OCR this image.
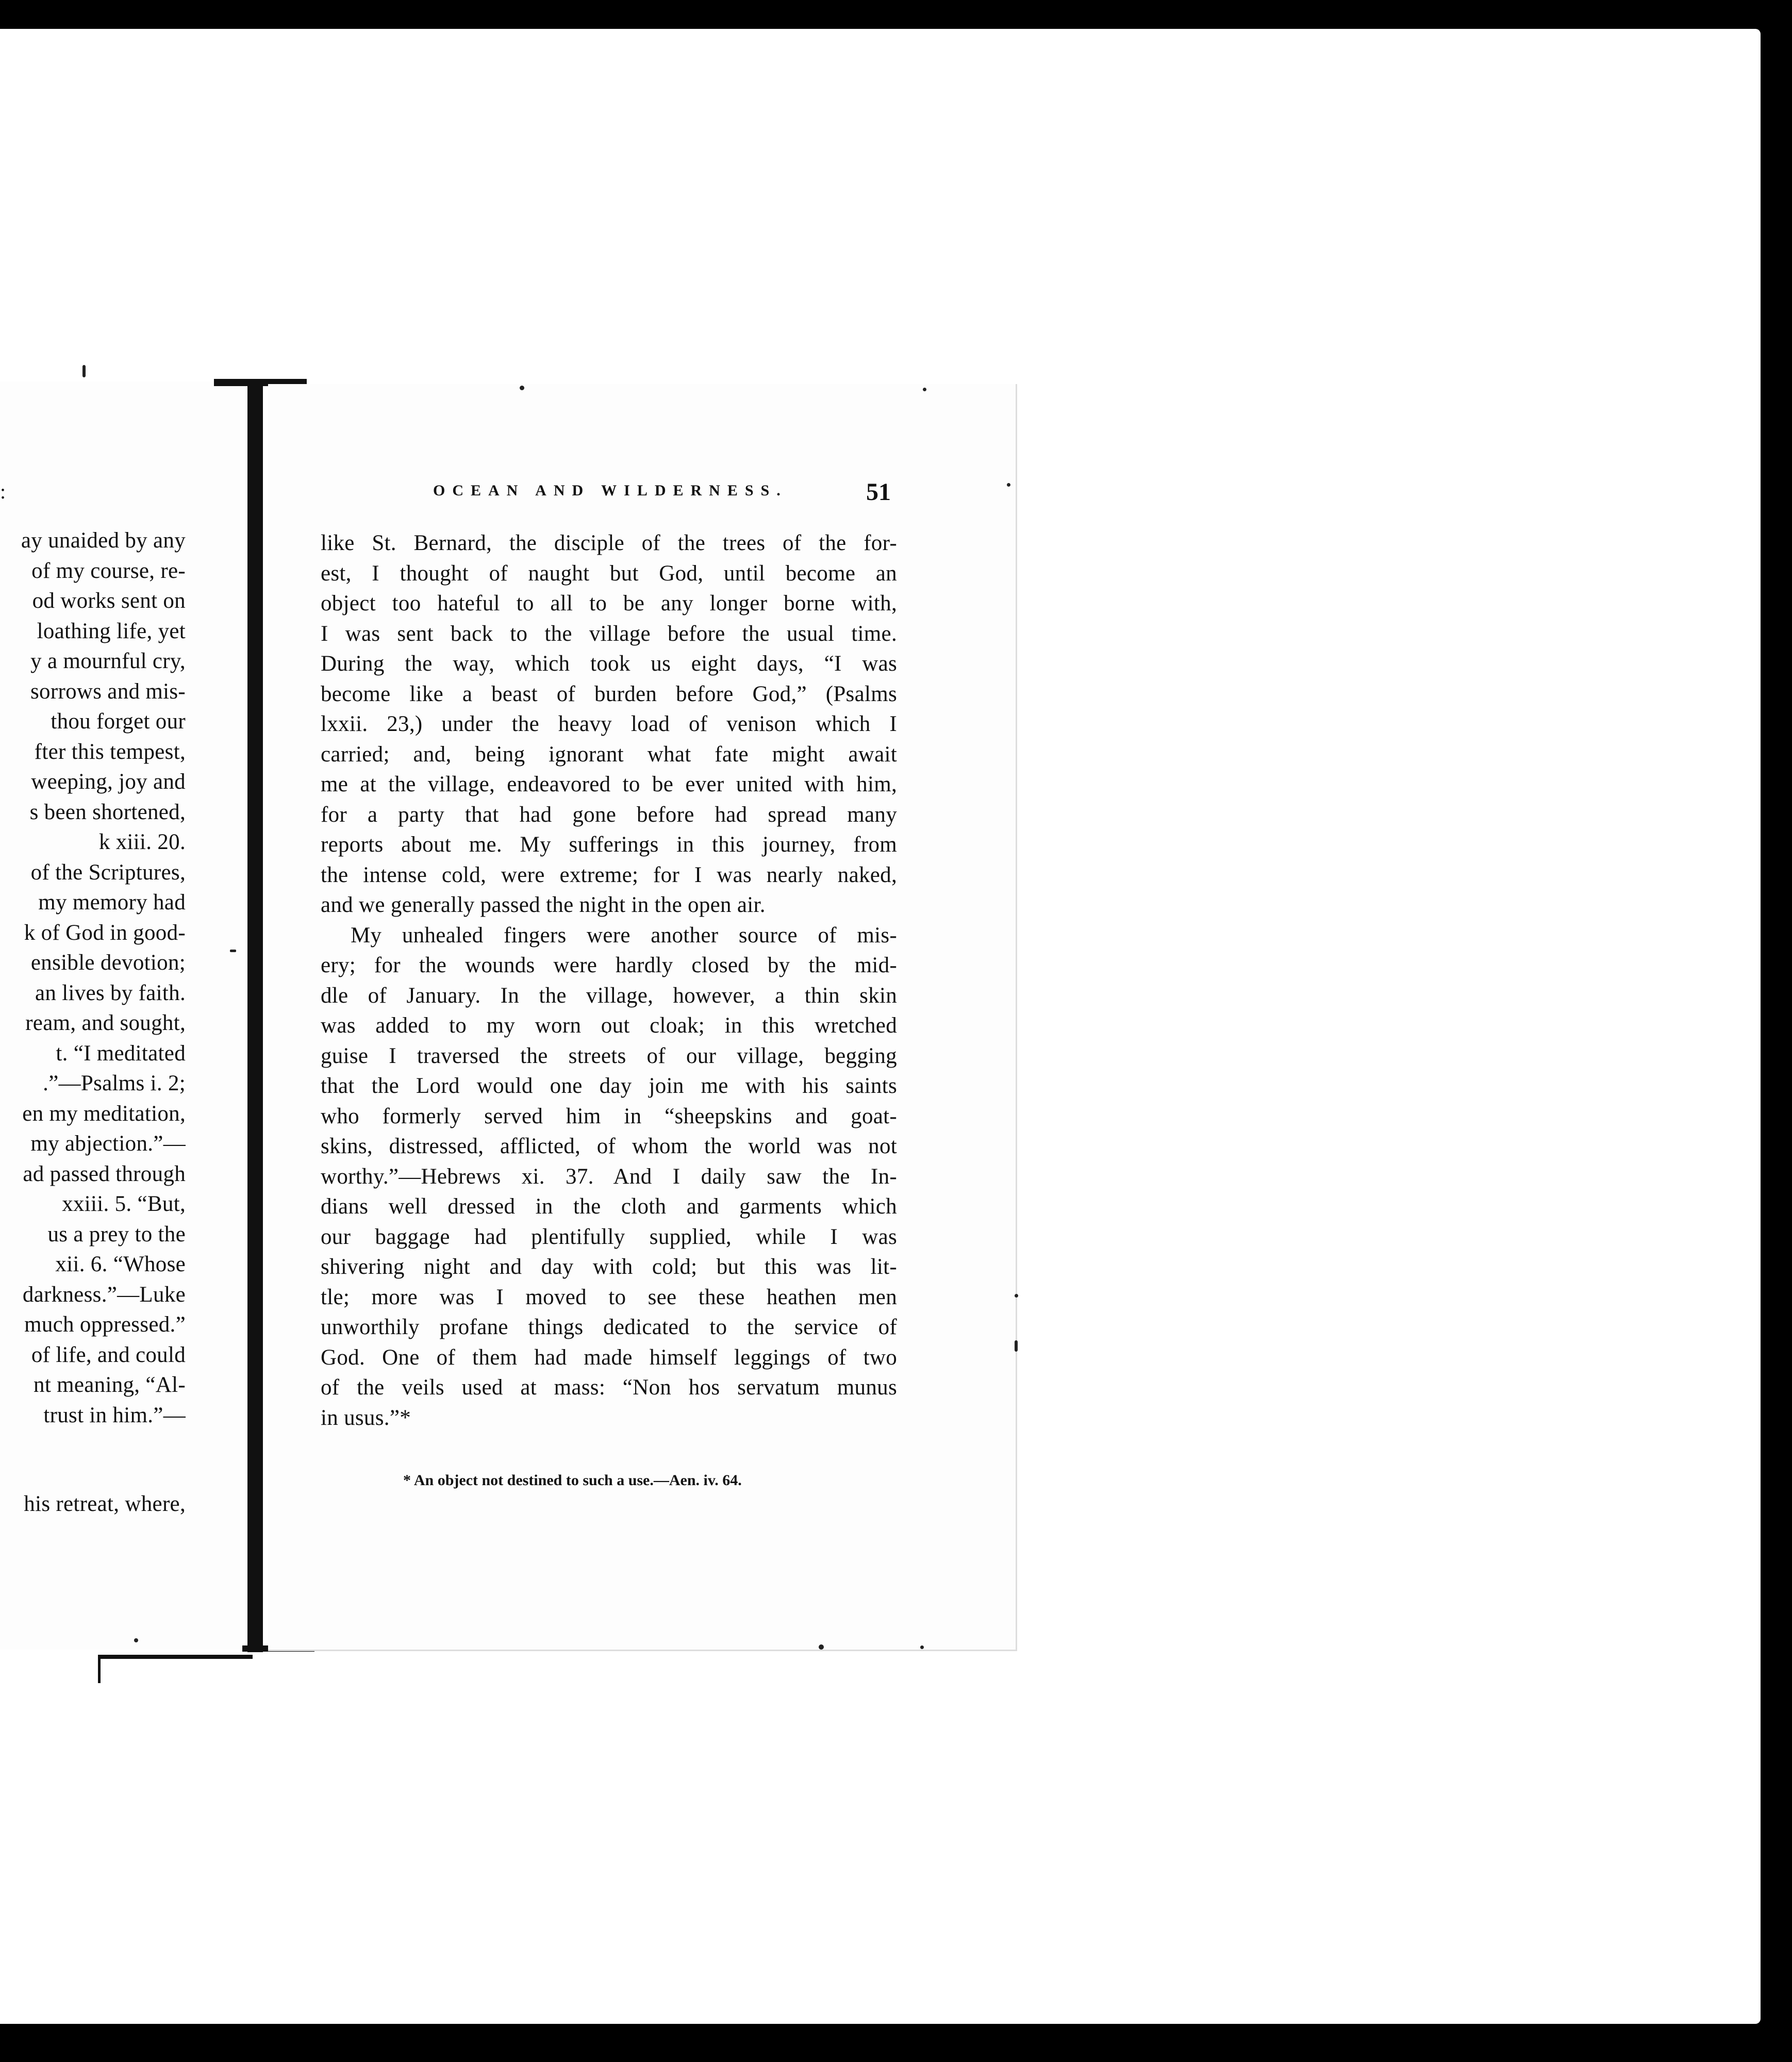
:
ay unaided by any
of my course, re-
od works sent on
loathing life, yet
y a mournful cry,
sorrows and mis-
thou forget our
fter this tempest,
weeping, joy and
s been shortened,
k xiii. 20.
of the Scriptures,
my memory had
k of God in good-
ensible devotion;
an lives by faith.
ream, and sought,
t. “I meditated
.”—Psalms i. 2;
en my meditation,
my abjection.”—
ad passed through
xxiii. 5. “But,
us a prey to the
xii. 6. “Whose
darkness.”—Luke
much oppressed.”
of life, and could
nt meaning, “Al-
trust in him.”—
his retreat, where,
OCEAN AND WILDERNESS.	51
like St. Bernard, the disciple of the trees of the for-
est, I thought of naught but God, until become an
object too hateful to all to be any longer borne with,
I was sent back to the village before the usual time.
During the way, which took us eight days, “I was
become like a beast of burden before God,” (Psalms
lxxii. 23,) under the heavy load of venison which I
carried; and, being ignorant what fate might await
me at the village, endeavored to be ever united with him,
for a party that had gone before had spread many
reports about me. My sufferings in this journey, from
the intense cold, were extreme; for I was nearly naked,
and we generally passed the night in the open air.
My unhealed fingers were another source of mis-
ery; for the wounds were hardly closed by the mid-
dle of January. In the village, however, a thin skin
was added to my worn out cloak; in this wretched
guise I traversed the streets of our village, begging
that the Lord would one day join me with his saints
who formerly served him in “sheepskins and goat-
skins, distressed, afflicted, of whom the world was not
worthy.”—Hebrews xi. 37. And I daily saw the In-
dians well dressed in the cloth and garments which
our baggage had plentifully supplied, while I was
shivering night and day with cold; but this was lit-
tle; more was I moved to see these heathen men
unworthily profane things dedicated to the service of
God. One of them had made himself leggings of two
of the veils used at mass: “Non hos servatum munus
in usus.”*
* An object not destined to such a use.—Aen. iv. 64.
